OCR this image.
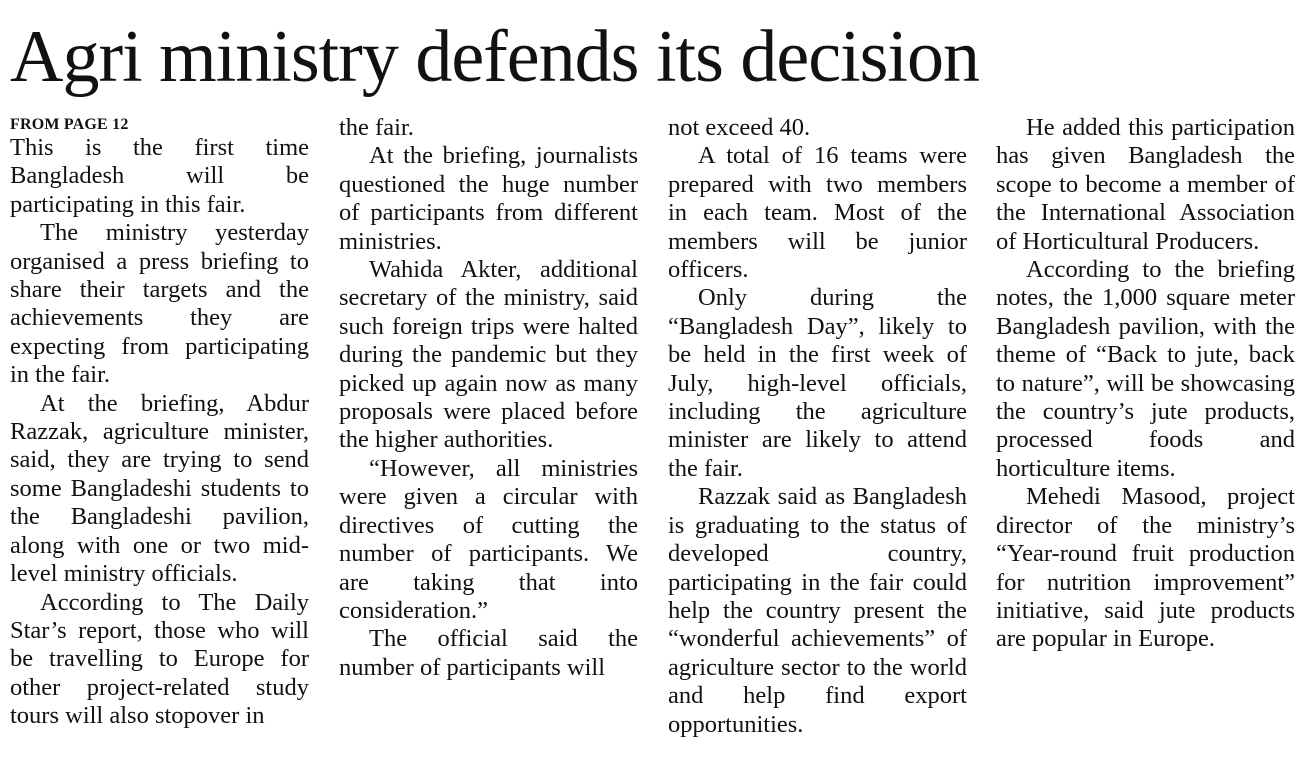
Agri ministry defends its decision
FROM PAGE 12

This is the first time Bangladesh will be participating in this fair.

The ministry yesterday organised a press briefing to share their targets and the achievements they are expecting from participating in the fair.

At the briefing, Abdur Razzak, agriculture minister, said, they are trying to send some Bangladeshi students to the Bangladeshi pavilion, along with one or two mid-level ministry officials.

According to The Daily Star’s report, those who will be travelling to Europe for other project-related study tours will also stopover in

the fair.

At the briefing, journalists questioned the huge number of participants from different ministries.

Wahida Akter, additional secretary of the ministry, said such foreign trips were halted during the pandemic but they picked up again now as many proposals were placed before the higher authorities.

“However, all ministries were given a circular with directives of cutting the number of participants. We are taking that into consideration.”

The official said the number of participants will

not exceed 40.

A total of 16 teams were prepared with two members in each team. Most of the members will be junior officers.

Only during the “Bangladesh Day”, likely to be held in the first week of July, high-level officials, including the agriculture minister are likely to attend the fair.

Razzak said as Bangladesh is graduating to the status of developed country, participating in the fair could help the country present the “wonderful achievements” of agriculture sector to the world and help find export opportunities.

He added this participation has given Bangladesh the scope to become a member of the International Association of Horticultural Producers.

According to the briefing notes, the 1,000 square meter Bangladesh pavilion, with the theme of “Back to jute, back to nature”, will be showcasing the country’s jute products, processed foods and horticulture items.

Mehedi Masood, project director of the ministry’s “Year-round fruit production for nutrition improvement” initiative, said jute products are popular in Europe.
